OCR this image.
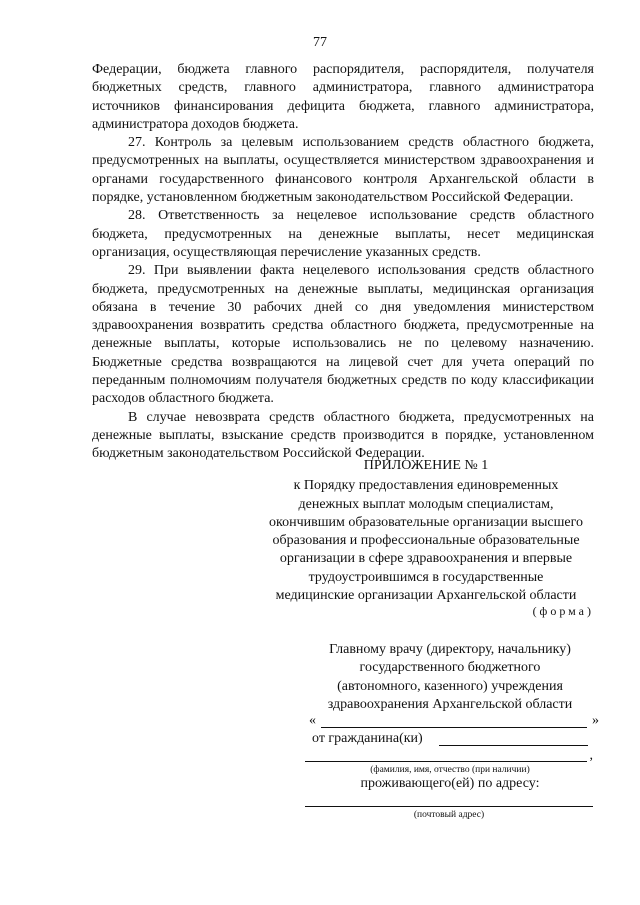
77

Федерации, бюджета главного распорядителя, распорядителя, получателя бюджетных средств, главного администратора, главного администратора источников финансирования дефицита бюджета, главного администратора, администратора доходов бюджета.

27. Контроль за целевым использованием средств областного бюджета, предусмотренных на выплаты, осуществляется министерством здравоохранения и органами государственного финансового контроля Архангельской области в порядке, установленном бюджетным законодательством Российской Федерации.

28. Ответственность за нецелевое использование средств областного бюджета, предусмотренных на денежные выплаты, несет медицинская организация, осуществляющая перечисление указанных средств.

29. При выявлении факта нецелевого использования средств областного бюджета, предусмотренных на денежные выплаты, медицинская организация обязана в течение 30 рабочих дней со дня уведомления министерством здравоохранения возвратить средства областного бюджета, предусмотренные на денежные выплаты, которые использовались не по целевому назначению. Бюджетные средства возвращаются на лицевой счет для учета операций по переданным полномочиям получателя бюджетных средств по коду классификации расходов областного бюджета.

В случае невозврата средств областного бюджета, предусмотренных на денежные выплаты, взыскание средств производится в порядке, установленном бюджетным законодательством Российской Федерации.

ПРИЛОЖЕНИЕ № 1
к Порядку предоставления единовременных
денежных выплат молодым специалистам,
окончившим образовательные организации высшего
образования и профессиональные образовательные
организации в сфере здравоохранения и впервые
трудоустроившимся в государственные
медицинские организации Архангельской области
(форма)
Главному врачу (директору, начальнику)
государственного бюджетного
(автономного, казенного) учреждения
здравоохранения Архангельской области
«	»
от гражданина(ки)
,
(фамилия, имя, отчество (при наличии)
проживающего(ей) по адресу:
(почтовый адрес)
